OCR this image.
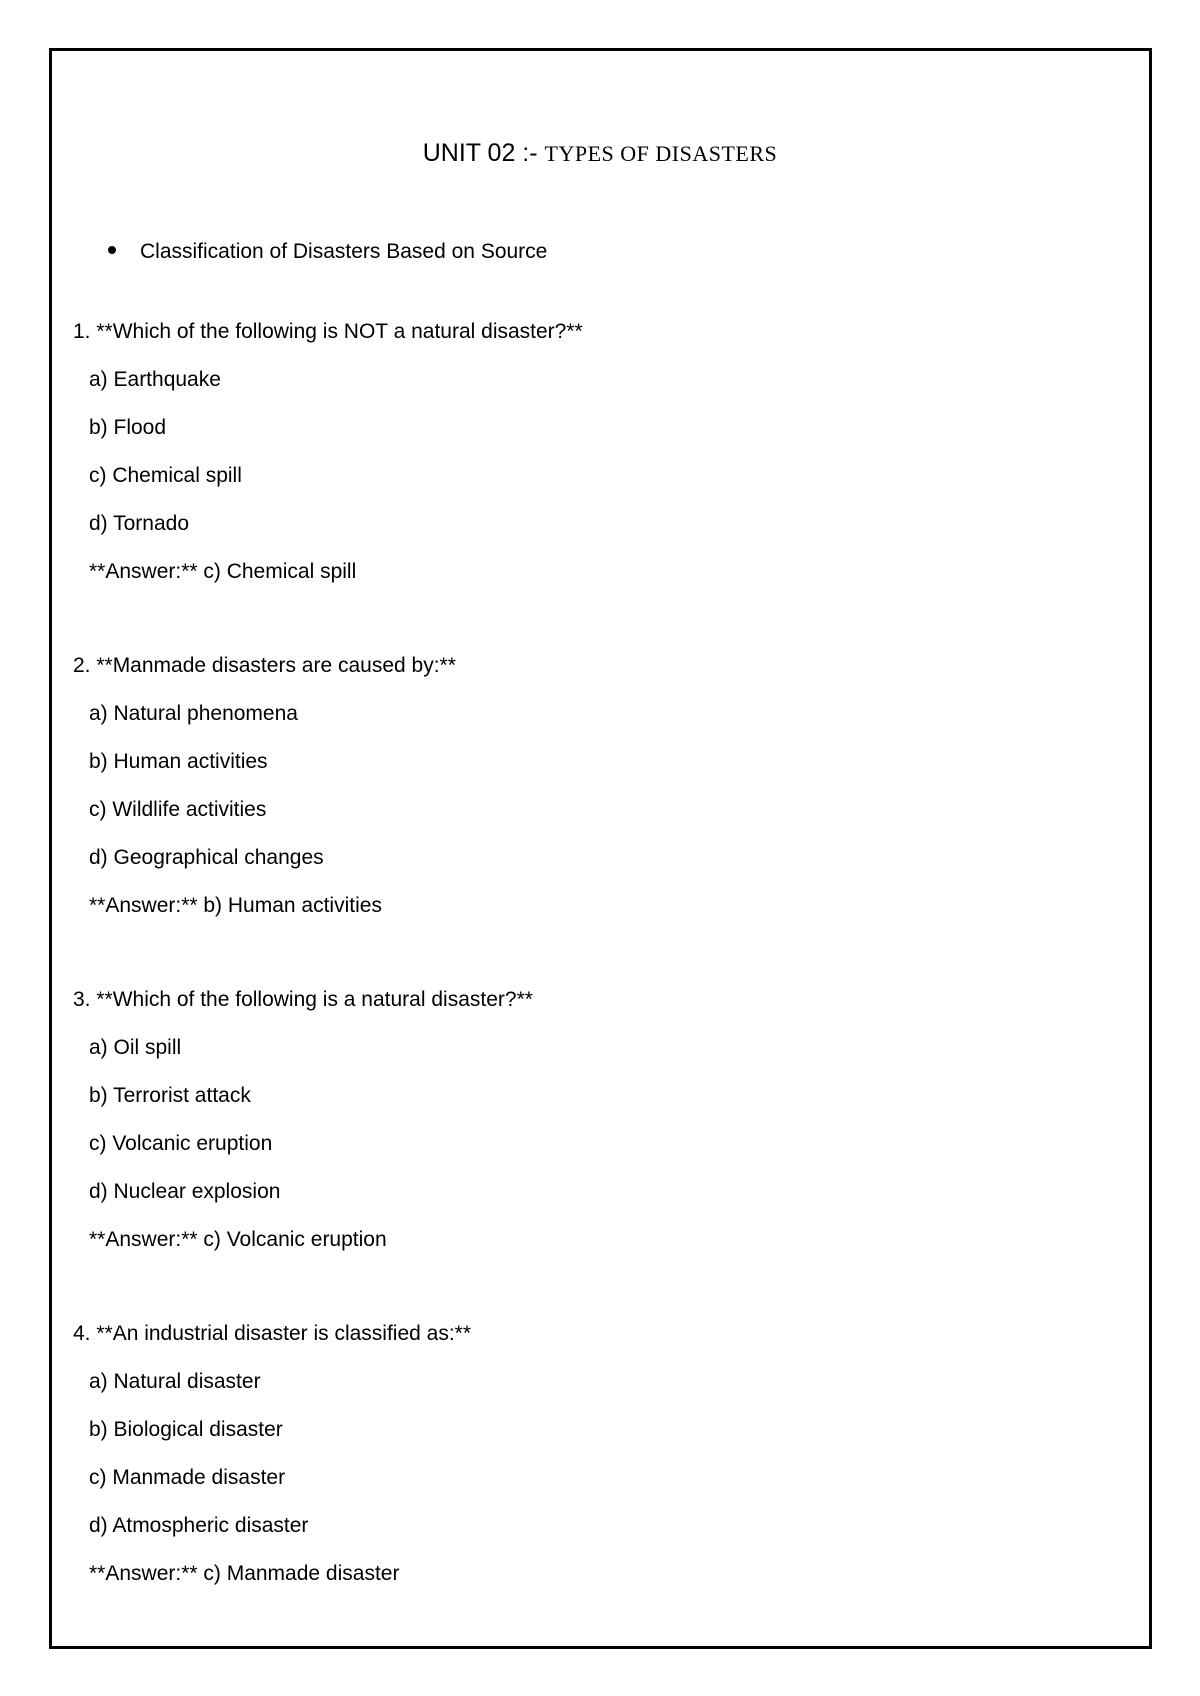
UNIT 02 :- TYPES OF DISASTERS
Classification of Disasters Based on Source
1. **Which of the following is NOT a natural disaster?**
a) Earthquake
b) Flood
c) Chemical spill
d) Tornado
**Answer:** c) Chemical spill
2. **Manmade disasters are caused by:**
a) Natural phenomena
b) Human activities
c) Wildlife activities
d) Geographical changes
**Answer:** b) Human activities
3. **Which of the following is a natural disaster?**
a) Oil spill
b) Terrorist attack
c) Volcanic eruption
d) Nuclear explosion
**Answer:** c) Volcanic eruption
4. **An industrial disaster is classified as:**
a) Natural disaster
b) Biological disaster
c) Manmade disaster
d) Atmospheric disaster
**Answer:** c) Manmade disaster
